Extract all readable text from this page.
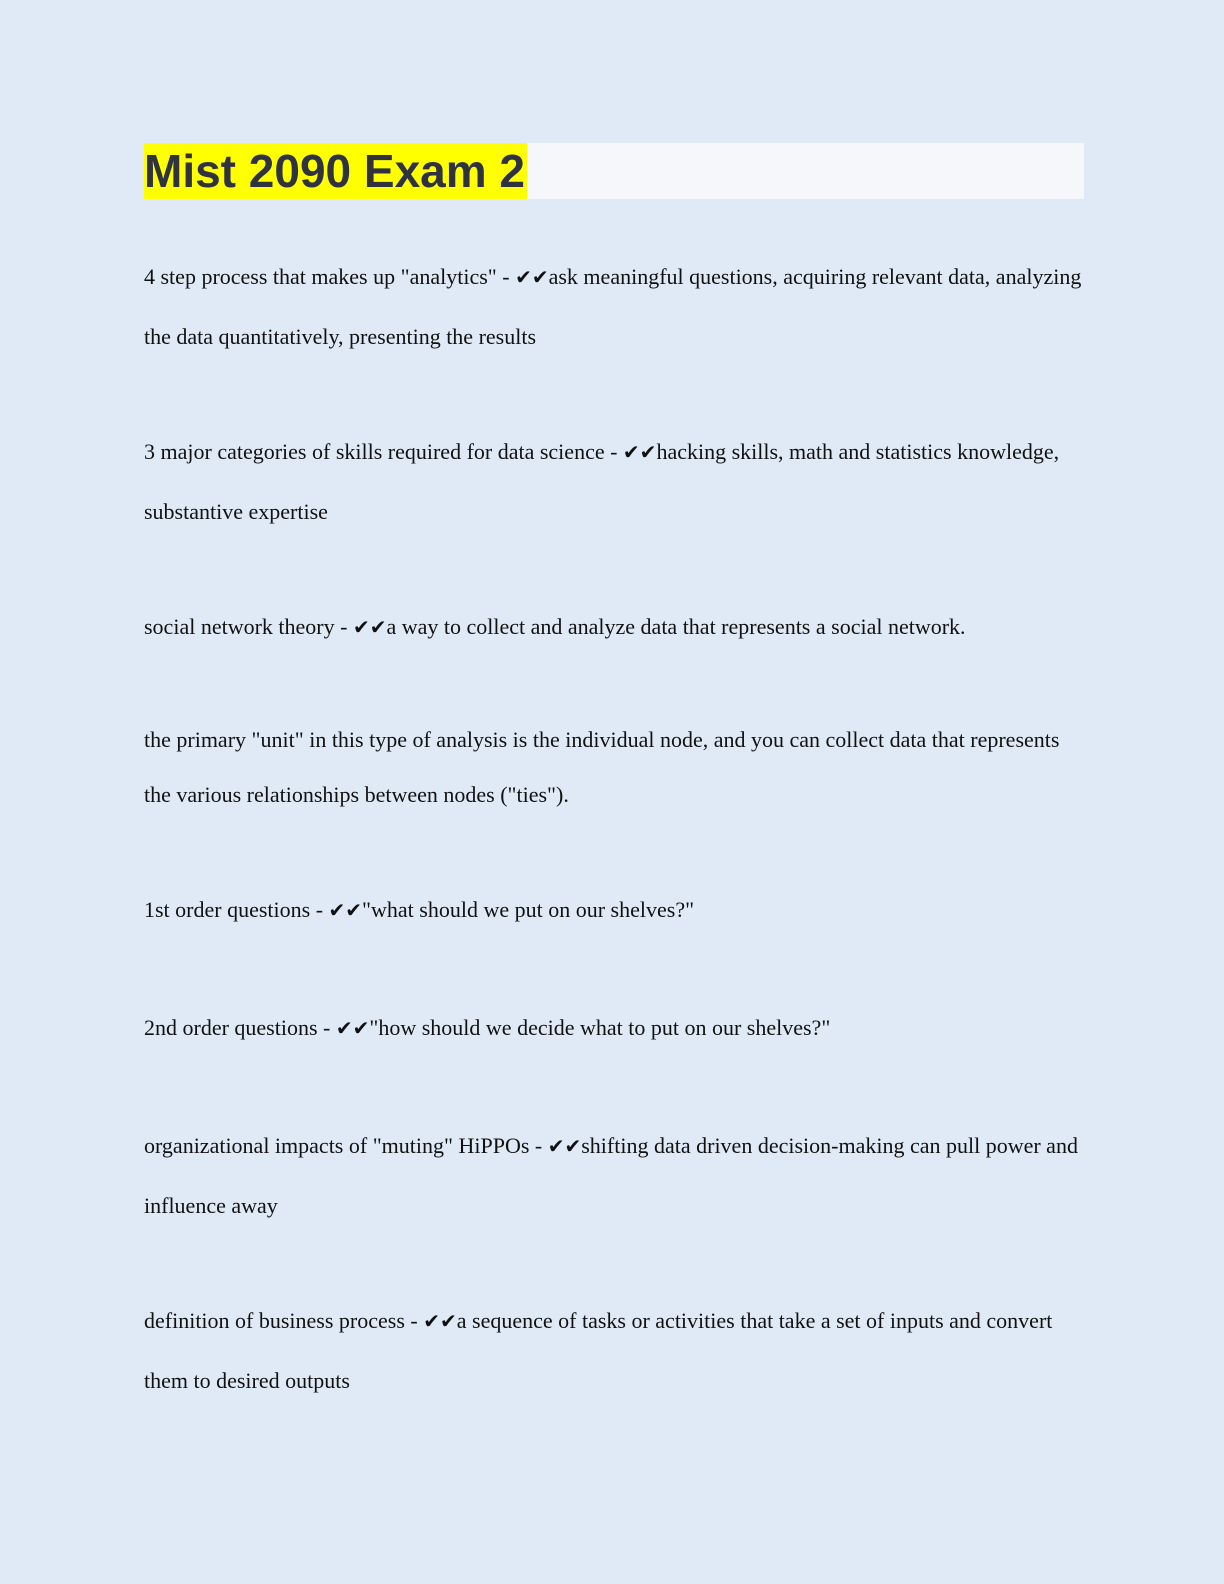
Mist 2090 Exam 2

4 step process that makes up "analytics" - ✔✔ask meaningful questions, acquiring relevant data, analyzing the data quantitatively, presenting the results

3 major categories of skills required for data science - ✔✔hacking skills, math and statistics knowledge, substantive expertise

social network theory - ✔✔a way to collect and analyze data that represents a social network.

the primary "unit" in this type of analysis is the individual node, and you can collect data that represents the various relationships between nodes ("ties").

1st order questions - ✔✔"what should we put on our shelves?"

2nd order questions - ✔✔"how should we decide what to put on our shelves?"

organizational impacts of "muting" HiPPOs - ✔✔shifting data driven decision-making can pull power and influence away

definition of business process - ✔✔a sequence of tasks or activities that take a set of inputs and convert them to desired outputs
